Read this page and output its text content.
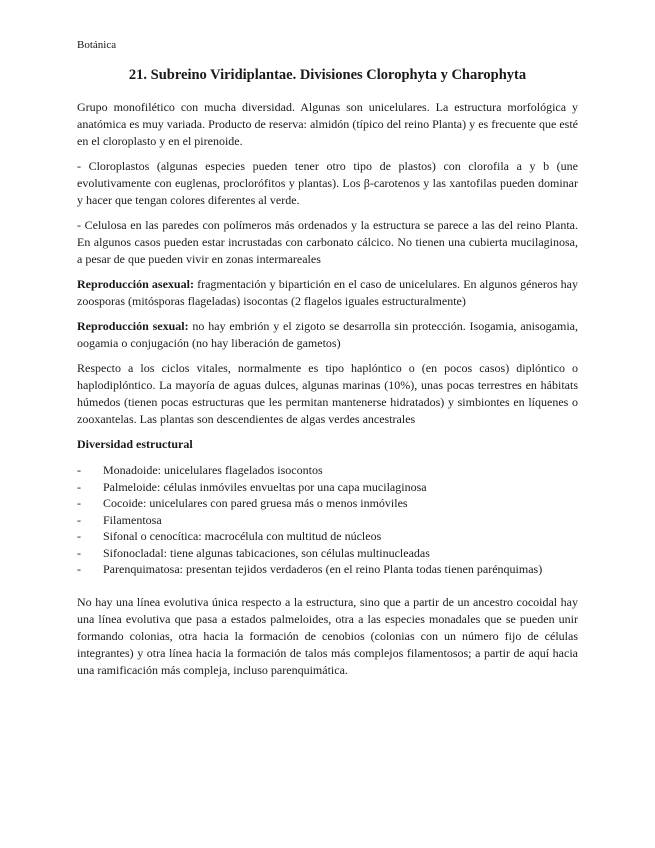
Botánica
21. Subreino Viridiplantae. Divisiones Clorophyta y Charophyta

Grupo monofilético con mucha diversidad. Algunas son unicelulares. La estructura morfológica y anatómica es muy variada. Producto de reserva: almidón (típico del reino Planta) y es frecuente que esté en el cloroplasto y en el pirenoide.

- Cloroplastos (algunas especies pueden tener otro tipo de plastos) con clorofila a y b (une evolutivamente con euglenas, proclorófitos y plantas). Los β-carotenos y las xantofilas pueden dominar y hacer que tengan colores diferentes al verde.

- Celulosa en las paredes con polímeros más ordenados y la estructura se parece a las del reino Planta. En algunos casos pueden estar incrustadas con carbonato cálcico. No tienen una cubierta mucilaginosa, a pesar de que pueden vivir en zonas intermareales

Reproducción asexual: fragmentación y bipartición en el caso de unicelulares. En algunos géneros hay zoosporas (mitósporas flageladas) isocontas (2 flagelos iguales estructuralmente)

Reproducción sexual: no hay embrión y el zigoto se desarrolla sin protección. Isogamia, anisogamia, oogamia o conjugación (no hay liberación de gametos)

Respecto a los ciclos vitales, normalmente es tipo haplóntico o (en pocos casos) diplóntico o haplodiplóntico. La mayoría de aguas dulces, algunas marinas (10%), unas pocas terrestres en hábitats húmedos (tienen pocas estructuras que les permitan mantenerse hidratados) y simbiontes en líquenes o zooxantelas. Las plantas son descendientes de algas verdes ancestrales

Diversidad estructural
- Monadoide: unicelulares flagelados isocontos
- Palmeloide: células inmóviles envueltas por una capa mucilaginosa
- Cocoide: unicelulares con pared gruesa más o menos inmóviles
- Filamentosa
- Sifonal o cenocítica: macrocélula con multitud de núcleos
- Sifonocladal: tiene algunas tabicaciones, son células multinucleadas
- Parenquimatosa: presentan tejidos verdaderos (en el reino Planta todas tienen parénquimas)

No hay una línea evolutiva única respecto a la estructura, sino que a partir de un ancestro cocoidal hay una línea evolutiva que pasa a estados palmeloides, otra a las especies monadales que se pueden unir formando colonias, otra hacia la formación de cenobios (colonias con un número fijo de células integrantes) y otra línea hacia la formación de talos más complejos filamentosos; a partir de aquí hacia una ramificación más compleja, incluso parenquimática.
